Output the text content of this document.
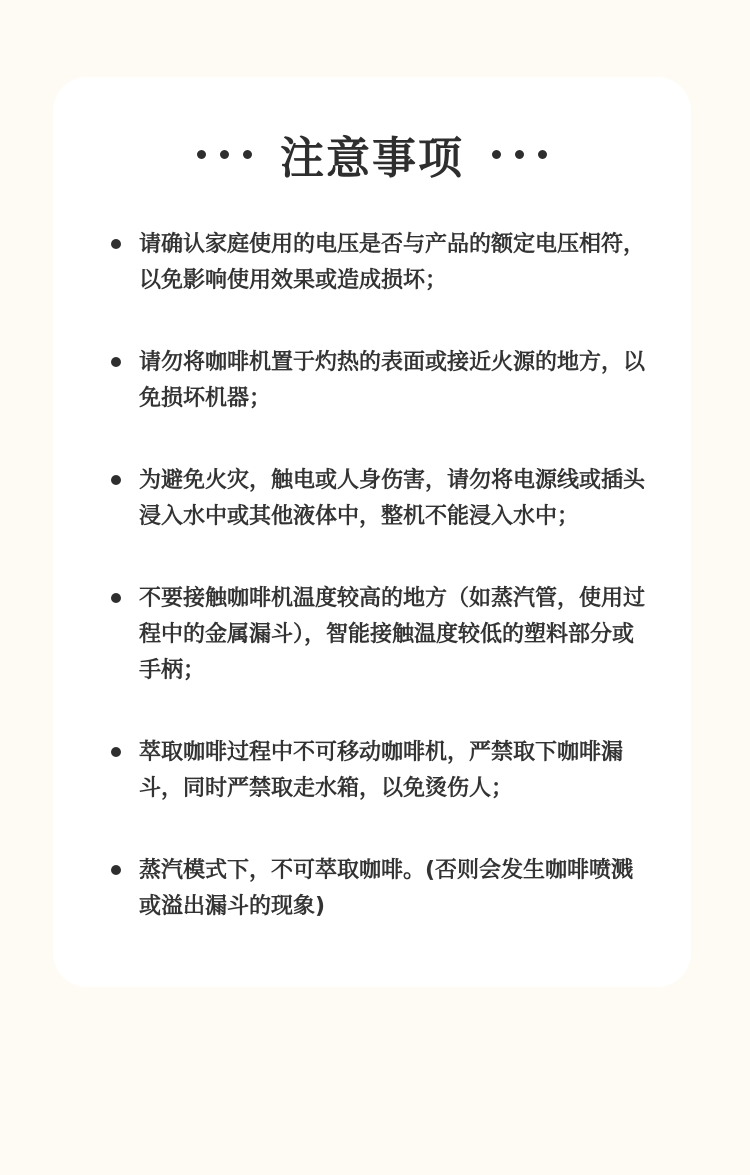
注意事项
请确认家庭使用的电压是否与产品的额定电压相符，以免影响使用效果或造成损坏；
请勿将咖啡机置于灼热的表面或接近火源的地方，以免损坏机器；
为避免火灾，触电或人身伤害，请勿将电源线或插头浸入水中或其他液体中，整机不能浸入水中；
不要接触咖啡机温度较高的地方（如蒸汽管，使用过程中的金属漏斗），智能接触温度较低的塑料部分或手柄；
萃取咖啡过程中不可移动咖啡机，严禁取下咖啡漏斗，同时严禁取走水箱，以免烫伤人；
蒸汽模式下，不可萃取咖啡。(否则会发生咖啡喷溅或溢出漏斗的现象)
